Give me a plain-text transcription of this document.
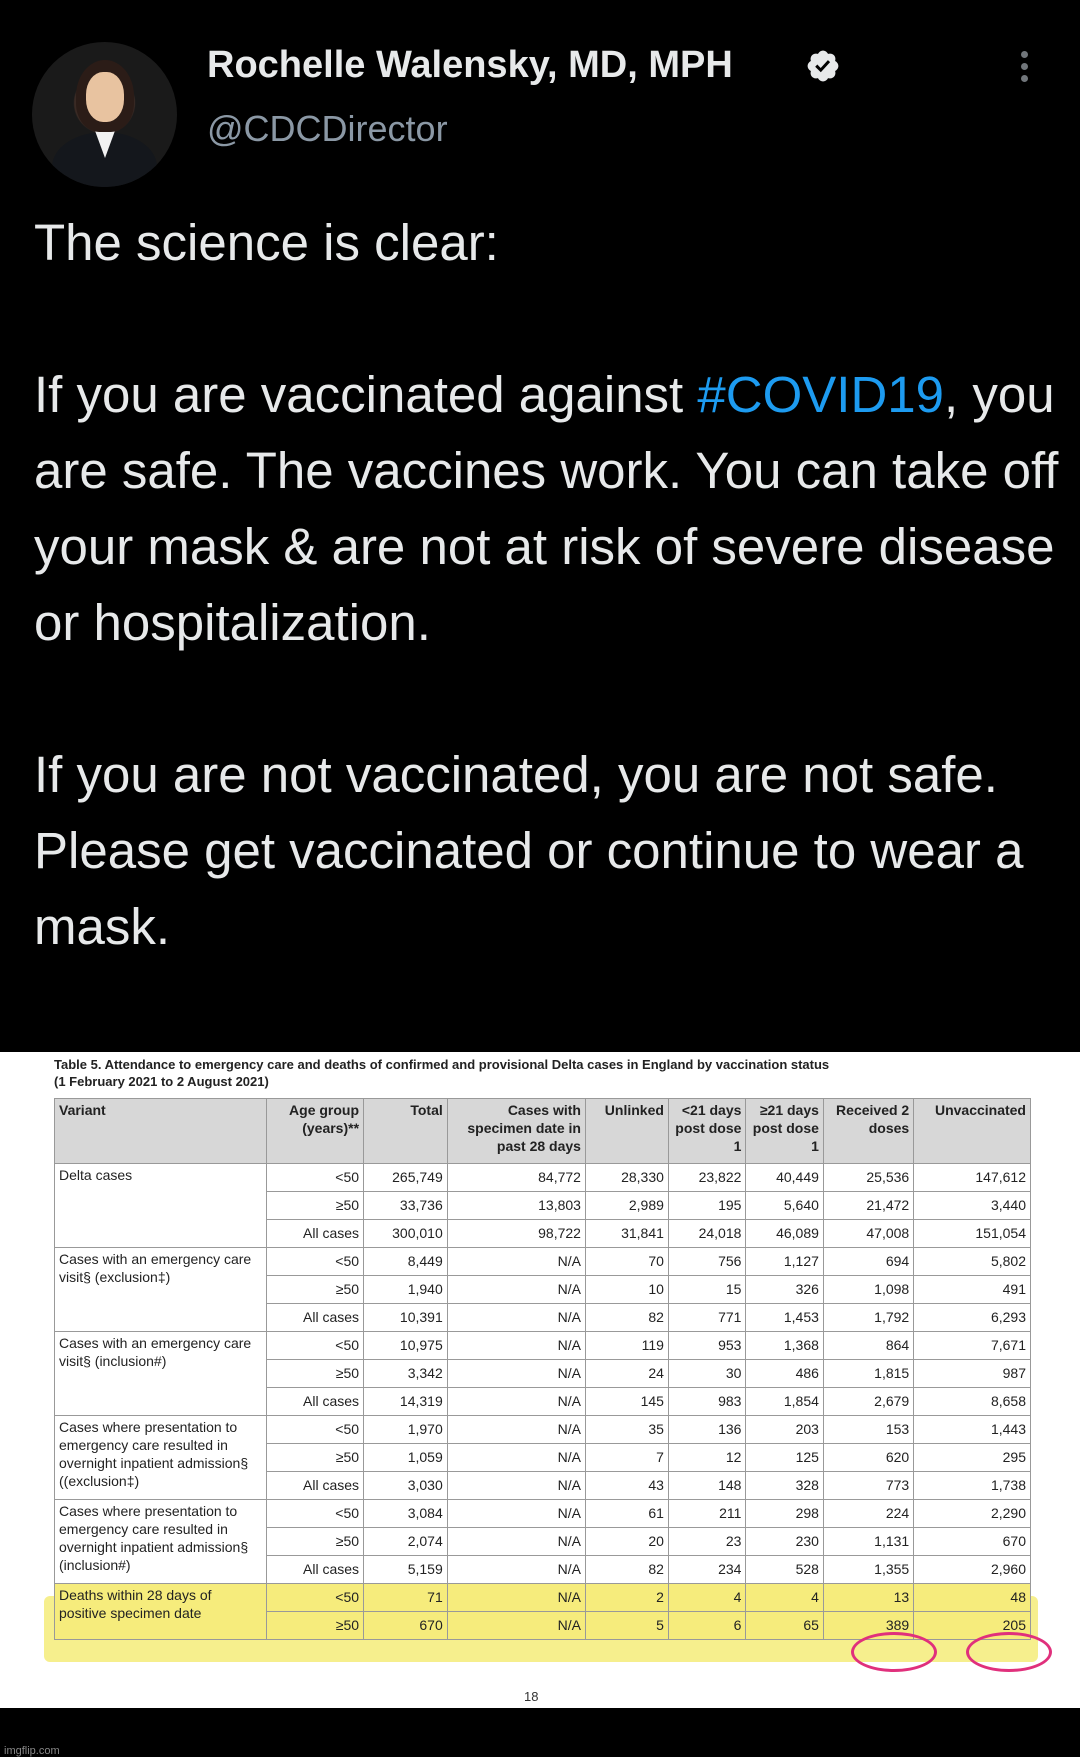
Rochelle Walensky, MD, MPH
@CDCDirector

The science is clear:

If you are vaccinated against #COVID19, you are safe. The vaccines work. You can take off your mask & are not at risk of severe disease or hospitalization.

If you are not vaccinated, you are not safe. Please get vaccinated or continue to wear a mask.

Table 5. Attendance to emergency care and deaths of confirmed and provisional Delta cases in England by vaccination status
(1 February 2021 to 2 August 2021)
Variant	Age group (years)**	Total	Cases with specimen date in past 28 days	Unlinked	<21 days post dose 1	≥21 days post dose 1	Received 2 doses	Unvaccinated
Delta cases	<50	265,749	84,772	28,330	23,822	40,449	25,536	147,612
	≥50	33,736	13,803	2,989	195	5,640	21,472	3,440
	All cases	300,010	98,722	31,841	24,018	46,089	47,008	151,054
Cases with an emergency care visit§ (exclusion‡)	<50	8,449	N/A	70	756	1,127	694	5,802
	≥50	1,940	N/A	10	15	326	1,098	491
	All cases	10,391	N/A	82	771	1,453	1,792	6,293
Cases with an emergency care visit§ (inclusion#)	<50	10,975	N/A	119	953	1,368	864	7,671
	≥50	3,342	N/A	24	30	486	1,815	987
	All cases	14,319	N/A	145	983	1,854	2,679	8,658
Cases where presentation to emergency care resulted in overnight inpatient admission§ ((exclusion‡)	<50	1,970	N/A	35	136	203	153	1,443
	≥50	1,059	N/A	7	12	125	620	295
	All cases	3,030	N/A	43	148	328	773	1,738
Cases where presentation to emergency care resulted in overnight inpatient admission§ (inclusion#)	<50	3,084	N/A	61	211	298	224	2,290
	≥50	2,074	N/A	20	23	230	1,131	670
	All cases	5,159	N/A	82	234	528	1,355	2,960
Deaths within 28 days of positive specimen date	<50	71	N/A	2	4	4	13	48
	≥50	670	N/A	5	6	65	389	205
18
imgflip.com
